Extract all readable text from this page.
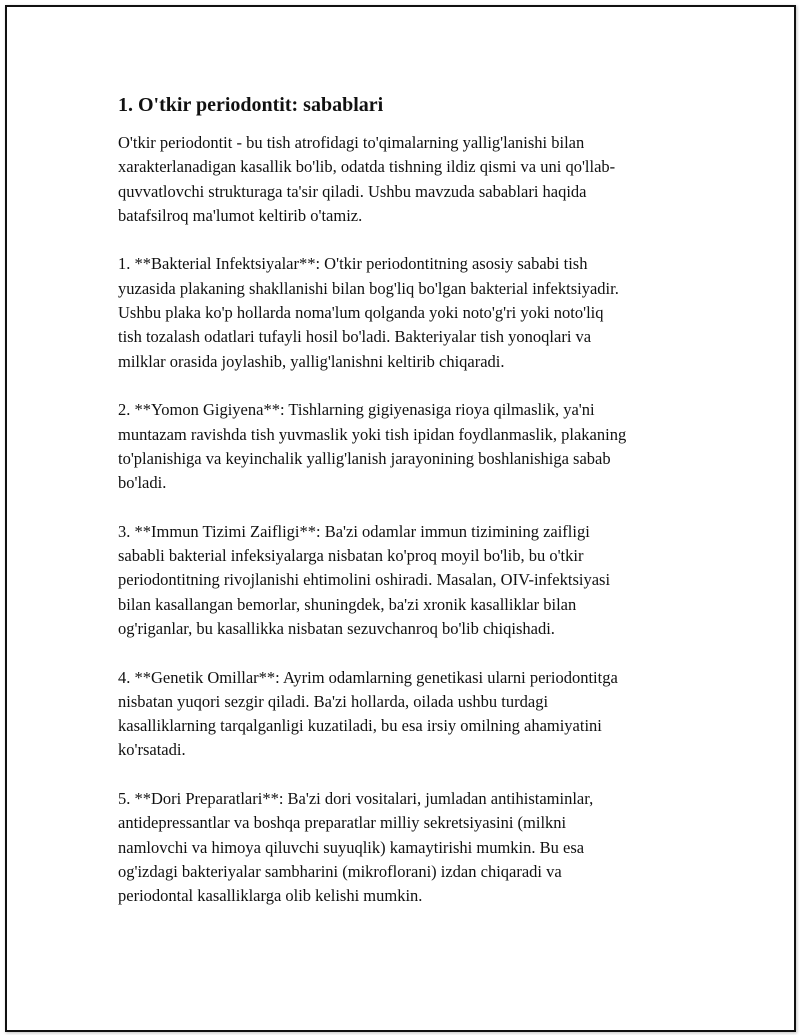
1. O'tkir periodontit: sabablari

O'tkir periodontit - bu tish atrofidagi to'qimalarning yallig'lanishi bilan
xarakterlanadigan kasallik bo'lib, odatda tishning ildiz qismi va uni qo'llab-
quvvatlovchi strukturaga ta'sir qiladi. Ushbu mavzuda sabablari haqida
batafsilroq ma'lumot keltirib o'tamiz.

1. **Bakterial Infektsiyalar**: O'tkir periodontitning asosiy sababi tish
yuzasida plakaning shakllanishi bilan bog'liq bo'lgan bakterial infektsiyadir.
Ushbu plaka ko'p hollarda noma'lum qolganda yoki noto'g'ri yoki noto'liq
tish tozalash odatlari tufayli hosil bo'ladi. Bakteriyalar tish yonoqlari va
milklar orasida joylashib, yallig'lanishni keltirib chiqaradi.

2. **Yomon Gigiyena**: Tishlarning gigiyenasiga rioya qilmaslik, ya'ni
muntazam ravishda tish yuvmaslik yoki tish ipidan foydlanmaslik, plakaning
to'planishiga va keyinchalik yallig'lanish jarayonining boshlanishiga sabab
bo'ladi.

3. **Immun Tizimi Zaifligi**: Ba'zi odamlar immun tizimining zaifligi
sababli bakterial infeksiyalarga nisbatan ko'proq moyil bo'lib, bu o'tkir
periodontitning rivojlanishi ehtimolini oshiradi. Masalan, OIV-infektsiyasi
bilan kasallangan bemorlar, shuningdek, ba'zi xronik kasalliklar bilan
og'riganlar, bu kasallikka nisbatan sezuvchanroq bo'lib chiqishadi.

4. **Genetik Omillar**: Ayrim odamlarning genetikasi ularni periodontitga
nisbatan yuqori sezgir qiladi. Ba'zi hollarda, oilada ushbu turdagi
kasalliklarning tarqalganligi kuzatiladi, bu esa irsiy omilning ahamiyatini
ko'rsatadi.

5. **Dori Preparatlari**: Ba'zi dori vositalari, jumladan antihistaminlar,
antidepressantlar va boshqa preparatlar milliy sekretsiyasini (milkni
namlovchi va himoya qiluvchi suyuqlik) kamaytirishi mumkin. Bu esa
og'izdagi bakteriyalar sambharini (mikroflorani) izdan chiqaradi va
periodontal kasalliklarga olib kelishi mumkin.
